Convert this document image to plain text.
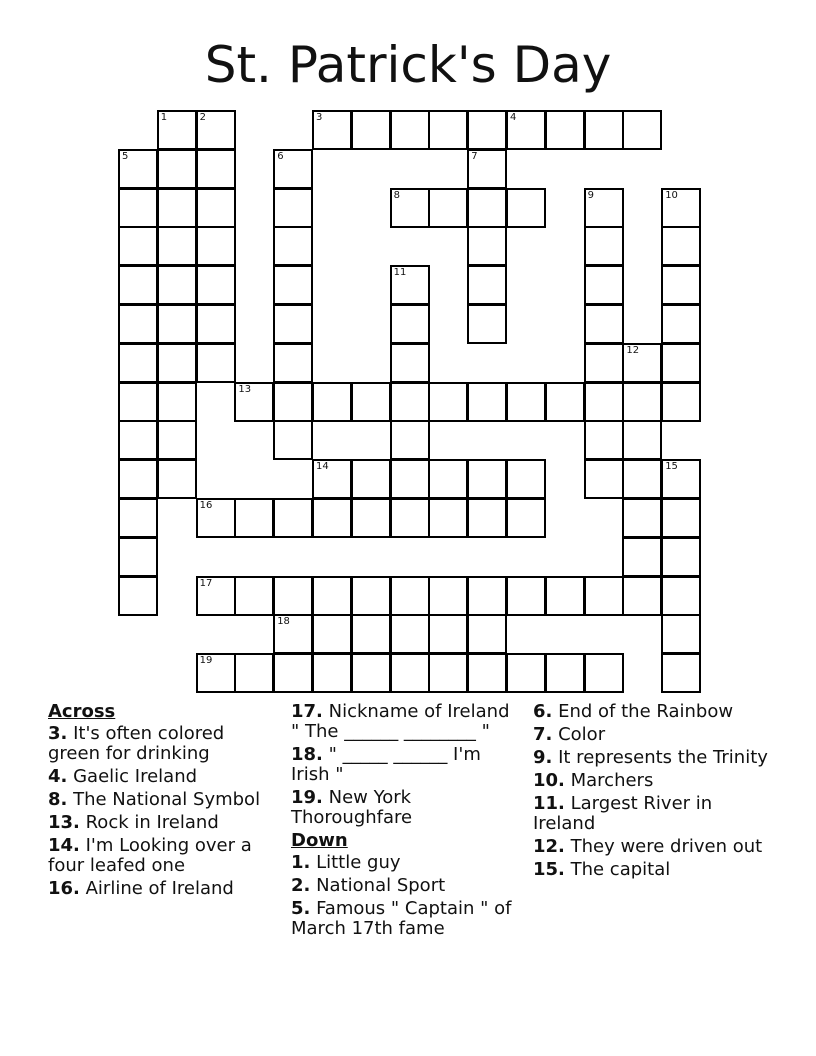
St. Patrick's Day
1	2	3	4
5	6	7
8	9	10
11
12
13
14	15
16
17
18
19
Across
3. It's often colored green for drinking
4. Gaelic Ireland
8. The National Symbol
13. Rock in Ireland
14. I'm Looking over a four leafed one
16. Airline of Ireland
17. Nickname of Ireland " The ______ ________ "
18. " _____ ______ I'm Irish "
19. New York Thoroughfare
Down
1. Little guy
2. National Sport
5. Famous " Captain " of March 17th fame
6. End of the Rainbow
7. Color
9. It represents the Trinity
10. Marchers
11. Largest River in Ireland
12. They were driven out
15. The capital
